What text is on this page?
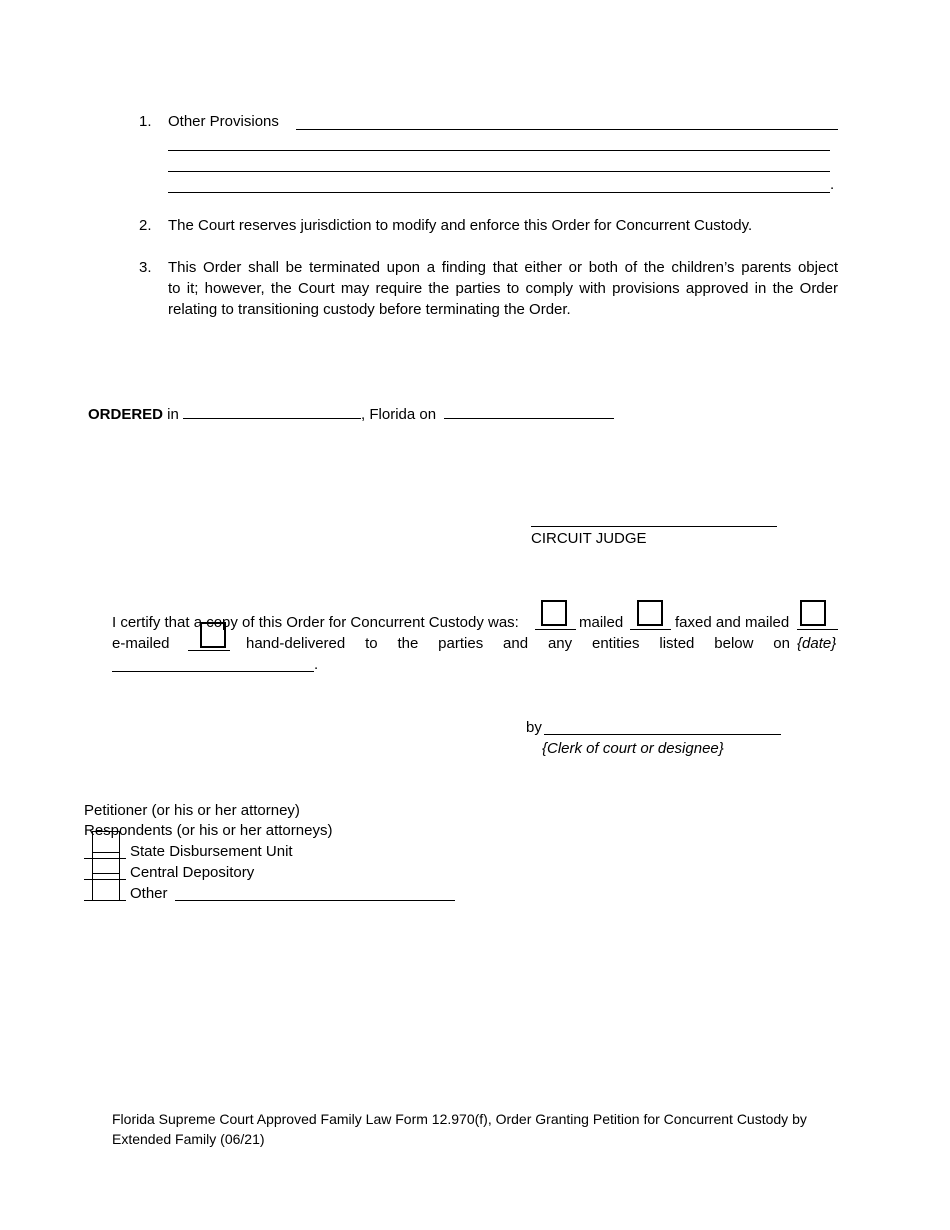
1.	Other Provisions
.
2.	The Court reserves jurisdiction to modify and enforce this Order for Concurrent Custody.
3.	This Order shall be terminated upon a finding that either or both of the children’s parents object
to it; however, the Court may require the parties to comply with provisions approved in the Order
relating to transitioning custody before terminating the Order.
ORDERED in	, Florida on
CIRCUIT JUDGE
I certify that a copy of this Order for Concurrent Custody was:	mailed	faxed and mailed
e-mailed	hand-delivered to the parties and any entities listed below on {date}
.
by
{Clerk of court or designee}
Petitioner (or his or her attorney)
Respondents (or his or her attorneys)
State Disbursement Unit
Central Depository
Other
Florida Supreme Court Approved Family Law Form 12.970(f), Order Granting Petition for Concurrent Custody by
Extended Family (06/21)
